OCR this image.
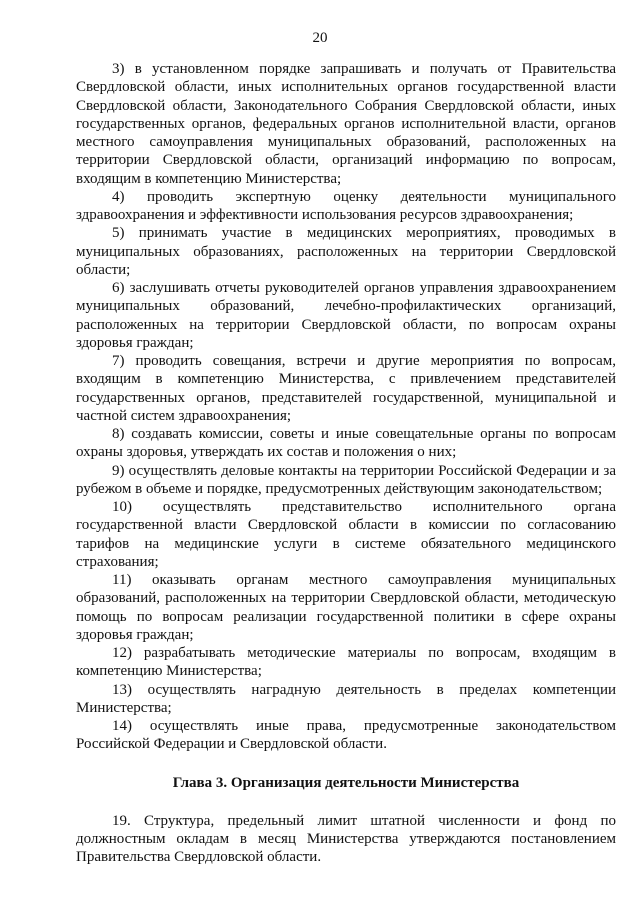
20

3) в установленном порядке запрашивать и получать от Правительства Свердловской области, иных исполнительных органов государственной власти Свердловской области, Законодательного Собрания Свердловской области, иных государственных органов, федеральных органов исполнительной власти, органов местного самоуправления муниципальных образований, расположенных на территории Свердловской области, организаций информацию по вопросам, входящим в компетенцию Министерства;

4) проводить экспертную оценку деятельности муниципального здравоохранения и эффективности использования ресурсов здравоохранения;

5) принимать участие в медицинских мероприятиях, проводимых в муниципальных образованиях, расположенных на территории Свердловской области;

6) заслушивать отчеты руководителей органов управления здравоохранением муниципальных образований, лечебно-профилактических организаций, расположенных на территории Свердловской области, по вопросам охраны здоровья граждан;

7) проводить совещания, встречи и другие мероприятия по вопросам, входящим в компетенцию Министерства, с привлечением представителей государственных органов, представителей государственной, муниципальной и частной систем здравоохранения;

8) создавать комиссии, советы и иные совещательные органы по вопросам охраны здоровья, утверждать их состав и положения о них;

9) осуществлять деловые контакты на территории Российской Федерации и за рубежом в объеме и порядке, предусмотренных действующим законодательством;

10) осуществлять представительство исполнительного органа государственной власти Свердловской области в комиссии по согласованию тарифов на медицинские услуги в системе обязательного медицинского страхования;

11) оказывать органам местного самоуправления муниципальных образований, расположенных на территории Свердловской области, методическую помощь по вопросам реализации государственной политики в сфере охраны здоровья граждан;

12) разрабатывать методические материалы по вопросам, входящим в компетенцию Министерства;

13) осуществлять наградную деятельность в пределах компетенции Министерства;

14) осуществлять иные права, предусмотренные законодательством Российской Федерации и Свердловской области.

Глава 3. Организация деятельности Министерства

19. Структура, предельный лимит штатной численности и фонд по должностным окладам в месяц Министерства утверждаются постановлением Правительства Свердловской области.
